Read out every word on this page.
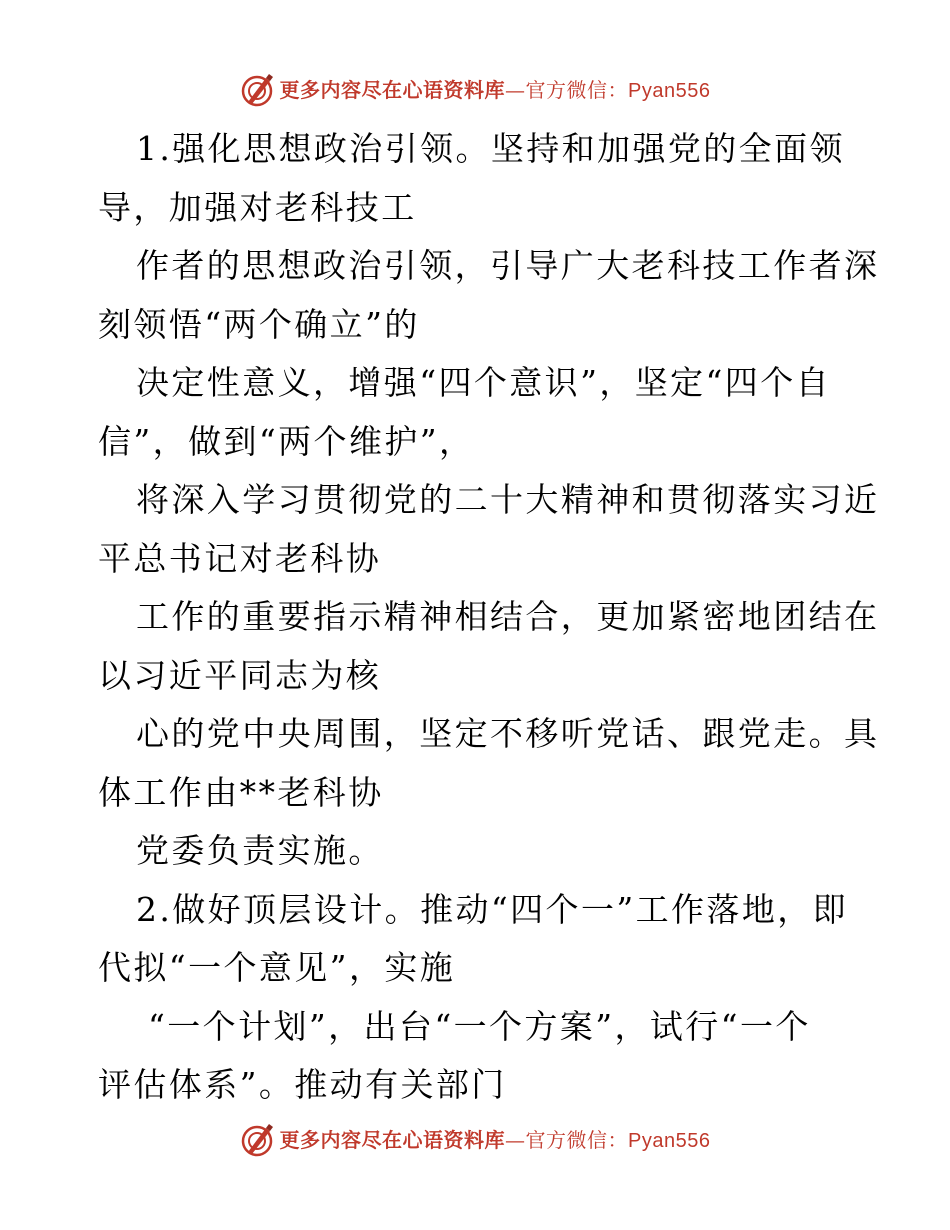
更多内容尽在心语资料库—官方微信：Pyan556
1.强化思想政治引领。坚持和加强党的全面领
导，加强对老科技工
作者的思想政治引领，引导广大老科技工作者深
刻领悟“两个确立”的
决定性意义，增强“四个意识”，坚定“四个自
信”，做到“两个维护”，
将深入学习贯彻党的二十大精神和贯彻落实习近
平总书记对老科协
工作的重要指示精神相结合，更加紧密地团结在
以习近平同志为核
心的党中央周围，坚定不移听党话、跟党走。具
体工作由**老科协
党委负责实施。
2.做好顶层设计。推动“四个一”工作落地，即
代拟“一个意见”，实施
“一个计划”，出台“一个方案”，试行“一个
评估体系”。推动有关部门
更多内容尽在心语资料库—官方微信：Pyan556
